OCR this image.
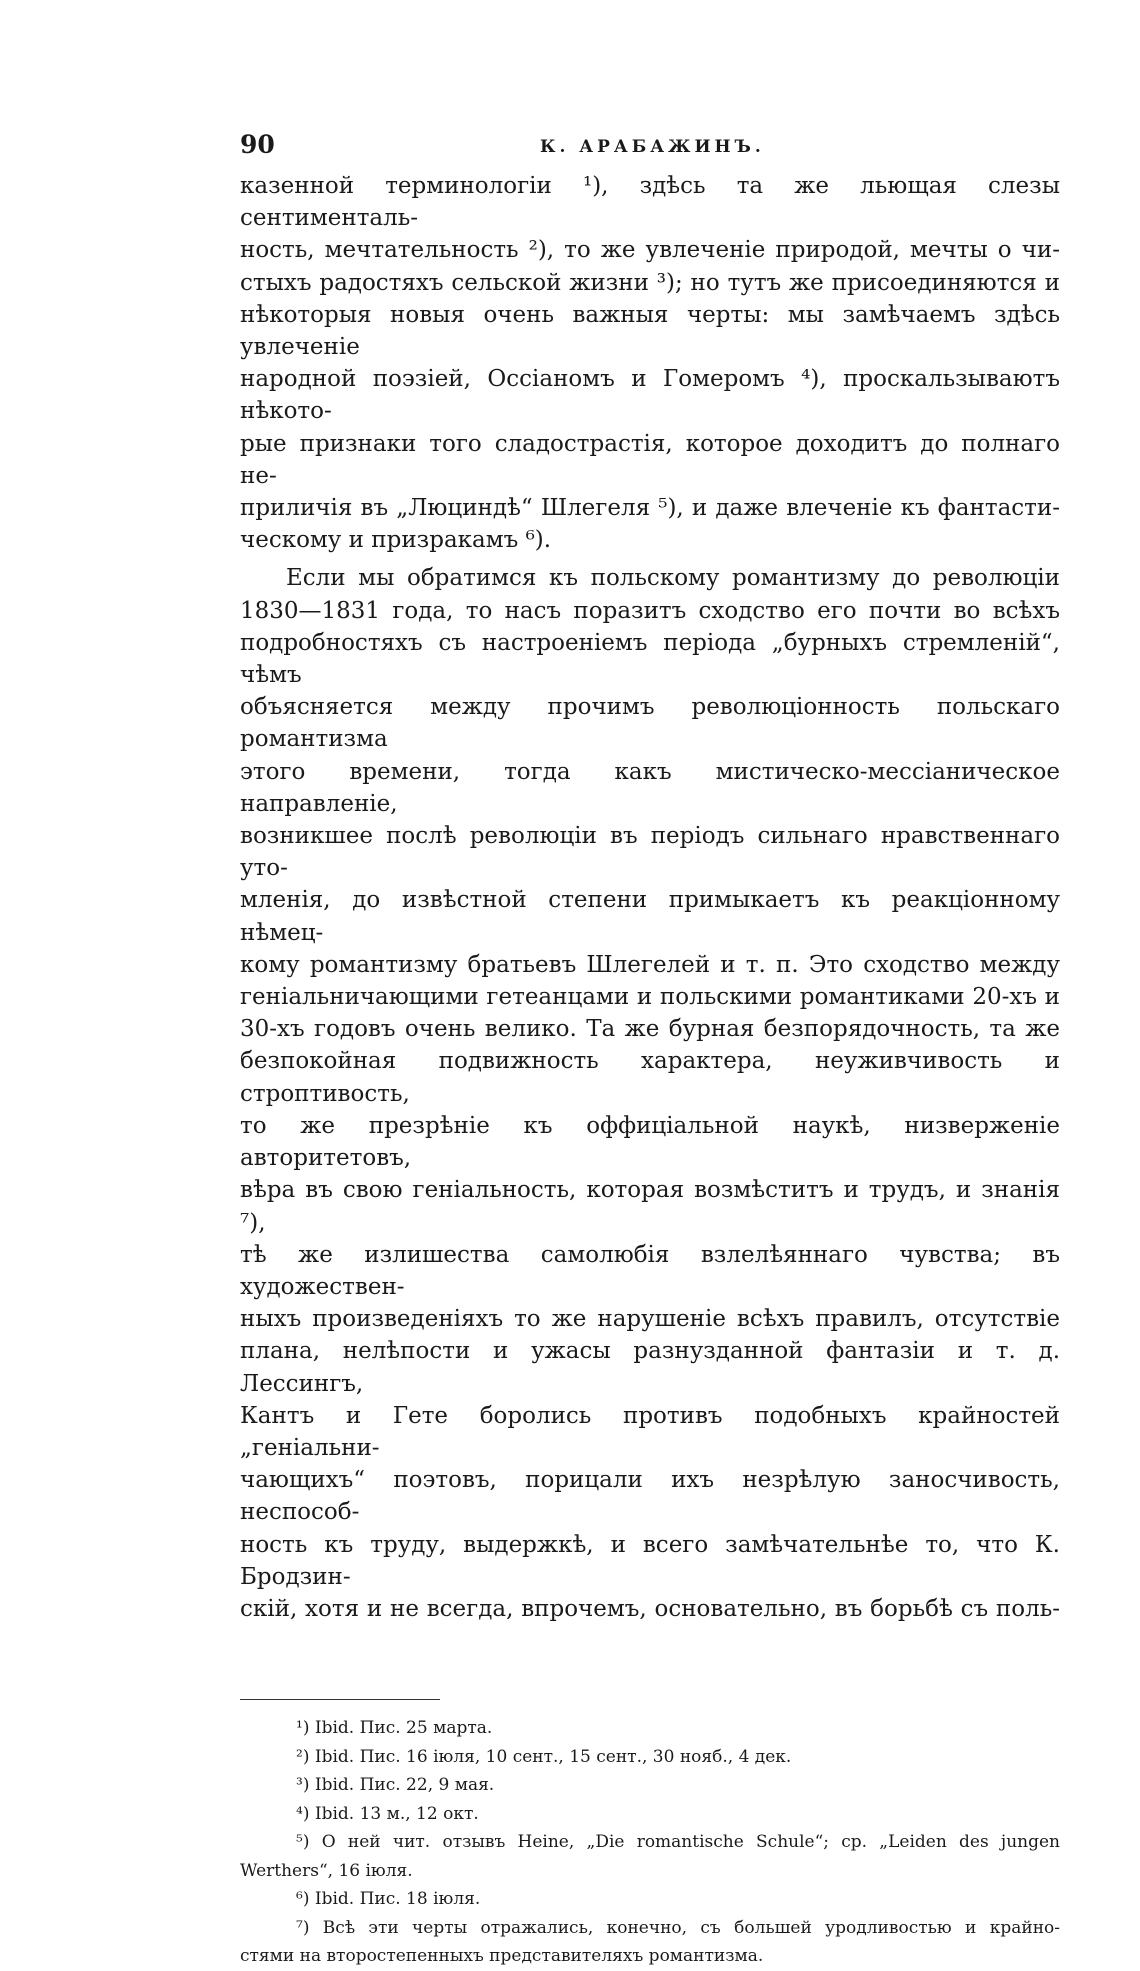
90	К. АРАБАЖИНЪ.

казенной терминологіи ¹), здѣсь та же льющая слезы сентименталь-

ность, мечтательность ²), то же увлеченіе природой, мечты о чи-

стыхъ радостяхъ сельской жизни ³); но тутъ же присоединяются и

нѣкоторыя новыя очень важныя черты: мы замѣчаемъ здѣсь увлеченіе

народной поэзіей, Оссіаномъ и Гомеромъ ⁴), проскальзываютъ нѣкото-

рые признаки того сладострастія, которое доходитъ до полнаго не-

приличія въ „Люциндѣ“ Шлегеля ⁵), и даже влеченіе къ фантасти-

ческому и призракамъ ⁶).

Если мы обратимся къ польскому романтизму до революціи

1830—1831 года, то насъ поразитъ сходство его почти во всѣхъ

подробностяхъ съ настроеніемъ періода „бурныхъ стремленій“, чѣмъ

объясняется между прочимъ революціонность польскаго романтизма

этого времени, тогда какъ мистическо-мессіаническое направленіе,

возникшее послѣ революціи въ періодъ сильнаго нравственнаго уто-

мленія, до извѣстной степени примыкаетъ къ реакціонному нѣмец-

кому романтизму братьевъ Шлегелей и т. п. Это сходство между

геніальничающими гетеанцами и польскими романтиками 20-хъ и

30-хъ годовъ очень велико. Та же бурная безпорядочность, та же

безпокойная подвижность характера, неуживчивость и строптивость,

то же презрѣніе къ оффиціальной наукѣ, низверженіе авторитетовъ,

вѣра въ свою геніальность, которая возмѣститъ и трудъ, и знанія ⁷),

тѣ же излишества самолюбія взлелѣяннаго чувства; въ художествен-

ныхъ произведеніяхъ то же нарушеніе всѣхъ правилъ, отсутствіе

плана, нелѣпости и ужасы разнузданной фантазіи и т. д. Лессингъ,

Кантъ и Гете боролись противъ подобныхъ крайностей „геніальни-

чающихъ“ поэтовъ, порицали ихъ незрѣлую заносчивость, неспособ-

ность къ труду, выдержкѣ, и всего замѣчательнѣе то, что К. Бродзин-

скій, хотя и не всегда, впрочемъ, основательно, въ борьбѣ съ поль-

¹) Ibid. Пис. 25 марта.

²) Ibid. Пис. 16 іюля, 10 сент., 15 сент., 30 нояб., 4 дек.

³) Ibid. Пис. 22, 9 мая.

⁴) Ibid. 13 м., 12 окт.

⁵) О ней чит. отзывъ Heine, „Die romantische Schule“; ср. „Leiden des jungen

Werthers“, 16 іюля.

⁶) Ibid. Пис. 18 іюля.

⁷) Всѣ эти черты отражались, конечно, съ большей уродливостью и крайно-

стями на второстепенныхъ представителяхъ романтизма.
